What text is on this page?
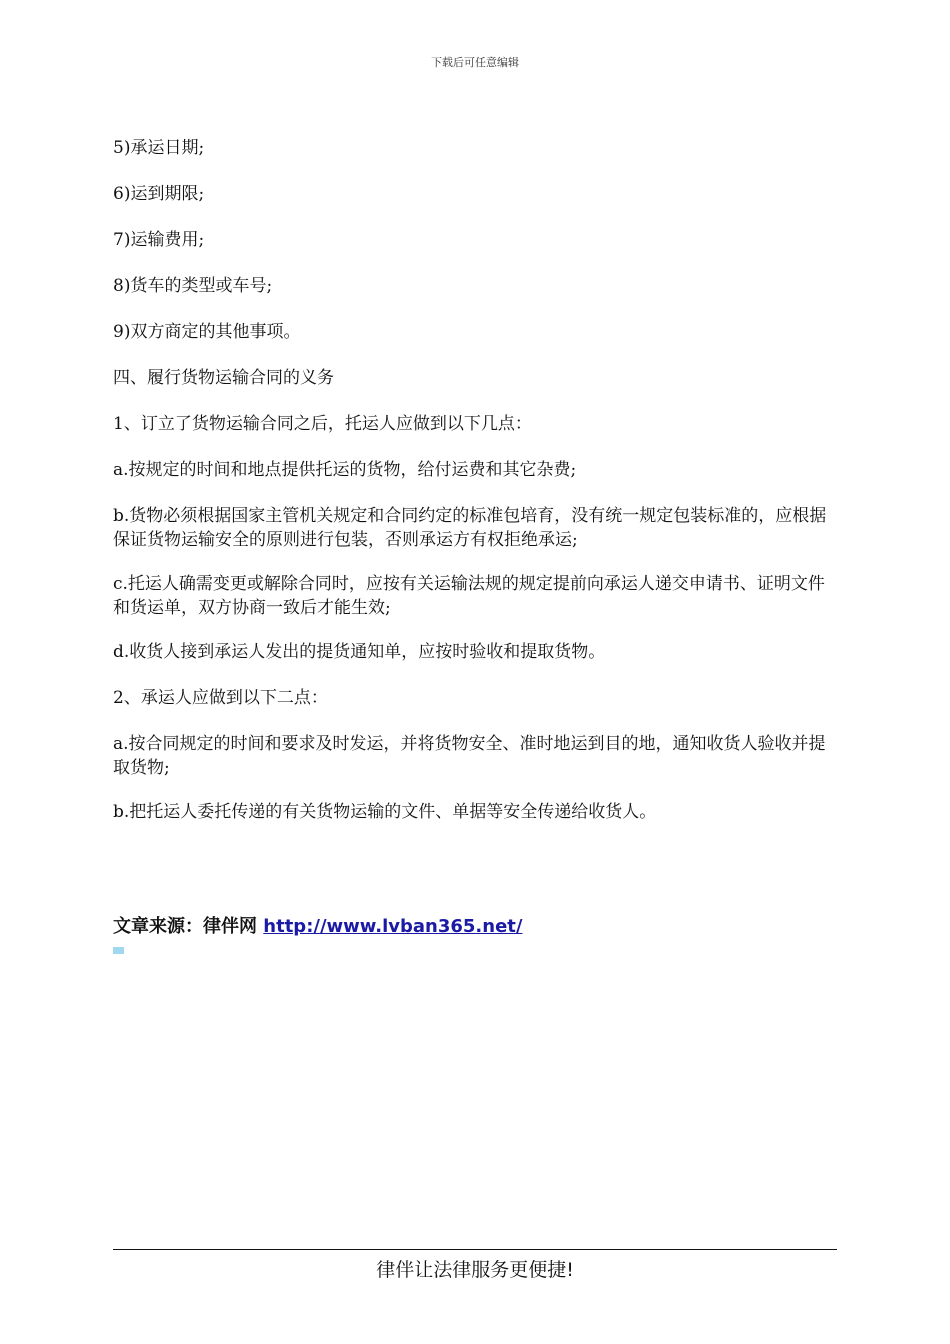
下载后可任意编辑

5)承运日期;

6)运到期限;

7)运输费用;

8)货车的类型或车号;

9)双方商定的其他事项。

四、履行货物运输合同的义务

1、订立了货物运输合同之后，托运人应做到以下几点：

a.按规定的时间和地点提供托运的货物，给付运费和其它杂费;

b.货物必须根据国家主管机关规定和合同约定的标准包培育，没有统一规定包装标准的，应根据保证货物运输安全的原则进行包装，否则承运方有权拒绝承运;

c.托运人确需变更或解除合同时，应按有关运输法规的规定提前向承运人递交申请书、证明文件和货运单，双方协商一致后才能生效;

d.收货人接到承运人发出的提货通知单，应按时验收和提取货物。

2、承运人应做到以下二点：

a.按合同规定的时间和要求及时发运，并将货物安全、准时地运到目的地，通知收货人验收并提取货物;

b.把托运人委托传递的有关货物运输的文件、单据等安全传递给收货人。

文章来源：律伴网 http://www.lvban365.net/
律伴让法律服务更便捷!
